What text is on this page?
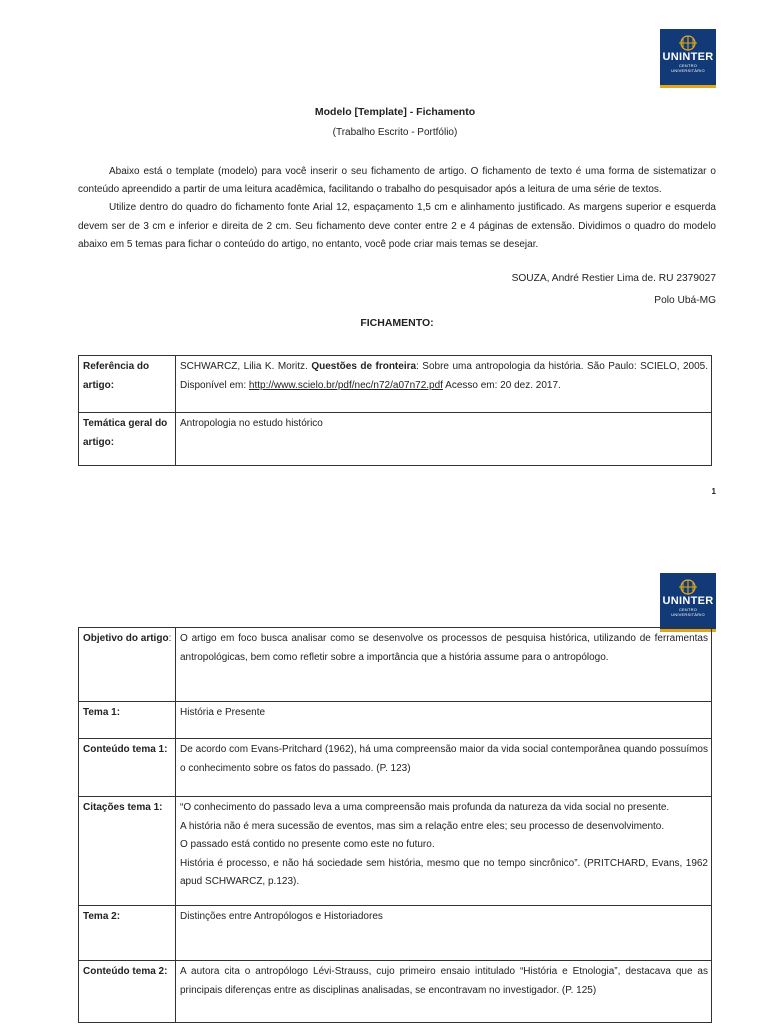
UNINTER
CENTRO
UNIVERSITÁRIO
Modelo [Template] - Fichamento
(Trabalho Escrito - Portfólio)

Abaixo está o template (modelo) para você inserir o seu fichamento de artigo. O fichamento de texto é uma forma de sistematizar o conteúdo apreendido a partir de uma leitura acadêmica, facilitando o trabalho do pesquisador após a leitura de uma série de textos.

Utilize dentro do quadro do fichamento fonte Arial 12, espaçamento 1,5 cm e alinhamento justificado. As margens superior e esquerda devem ser de 3 cm e inferior e direita de 2 cm. Seu fichamento deve conter entre 2 e 4 páginas de extensão. Dividimos o quadro do modelo abaixo em 5 temas para fichar o conteúdo do artigo, no entanto, você pode criar mais temas se desejar.

SOUZA, André Restier Lima de. RU 2379027
Polo Ubá-MG
FICHAMENTO:
Referência do artigo:	SCHWARCZ, Lilia K. Moritz. Questões de fronteira: Sobre uma antropologia da história. São Paulo: SCIELO, 2005. Disponível em: http://www.scielo.br/pdf/nec/n72/a07n72.pdf Acesso em: 20 dez. 2017.
Temática geral do artigo:	Antropologia no estudo histórico
1
UNINTER
CENTRO
UNIVERSITÁRIO
Objetivo do artigo:	O artigo em foco busca analisar como se desenvolve os processos de pesquisa histórica, utilizando de ferramentas antropológicas, bem como refletir sobre a importância que a história assume para o antropólogo.
Tema 1:	História e Presente
Conteúdo tema 1:	De acordo com Evans-Pritchard (1962), há uma compreensão maior da vida social contemporânea quando possuímos o conhecimento sobre os fatos do passado. (P. 123)
Citações tema 1:	“O conhecimento do passado leva a uma compreensão mais profunda da natureza da vida social no presente.
A história não é mera sucessão de eventos, mas sim a relação entre eles; seu processo de desenvolvimento.
O passado está contido no presente como este no futuro.
História é processo, e não há sociedade sem história, mesmo que no tempo sincrônico”. (PRITCHARD, Evans, 1962 apud SCHWARCZ, p.123).

Tema 2:	Distinções entre Antropólogos e Historiadores
Conteúdo tema 2:	A autora cita o antropólogo Lévi-Strauss, cujo primeiro ensaio intitulado “História e Etnologia”, destacava que as principais diferenças entre as disciplinas analisadas, se encontravam no investigador. (P. 125)
